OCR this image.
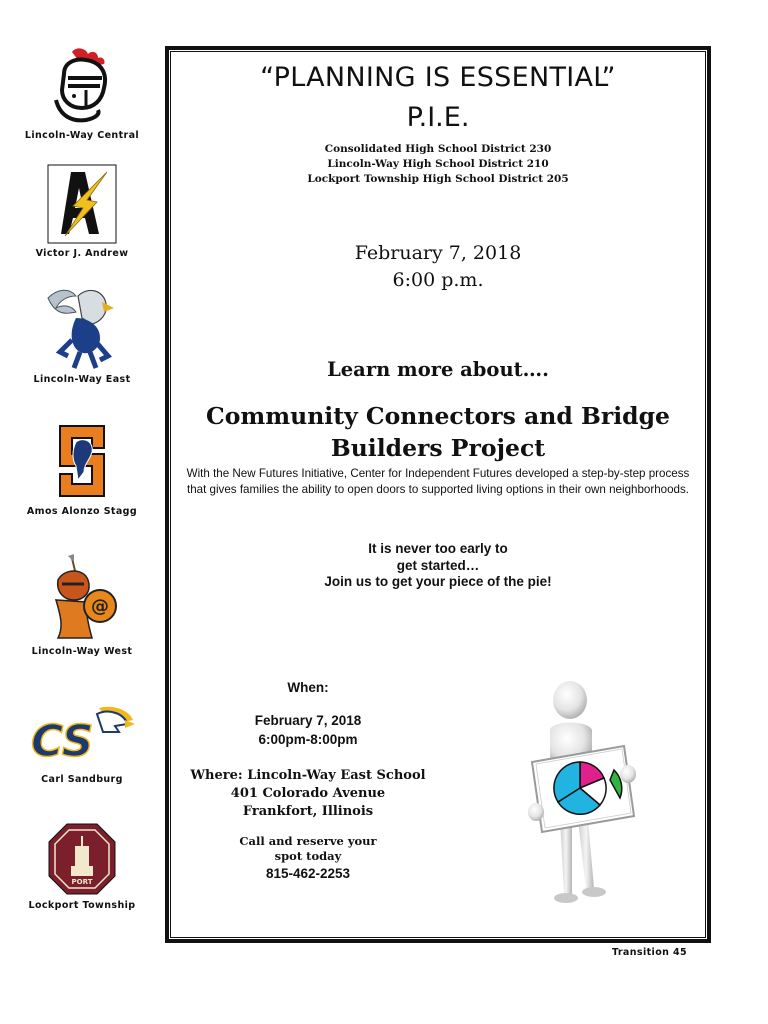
Lincoln-Way Central
Victor J. Andrew
Lincoln-Way East
Amos Alonzo Stagg
@
Lincoln-Way West
CS
Carl Sandburg
PORT
Lockport Township
“PLANNING IS ESSENTIAL”
P.I.E.
Consolidated High School District 230
Lincoln-Way High School District 210
Lockport Township High School District 205
February 7, 2018
6:00 p.m.
Learn more about….
Community Connectors and Bridge
Builders Project
With the New Futures Initiative, Center for Independent Futures developed a step-by-step process that gives families the ability to open doors to supported living options in their own neighborhoods.
It is never too early to
get started…
Join us to get your piece of the pie!
When:
February 7, 2018
6:00pm-8:00pm
Where: Lincoln-Way East School
401 Colorado Avenue
Frankfort, Illinois
Call and reserve your
spot today
815-462-2253
Transition 45
